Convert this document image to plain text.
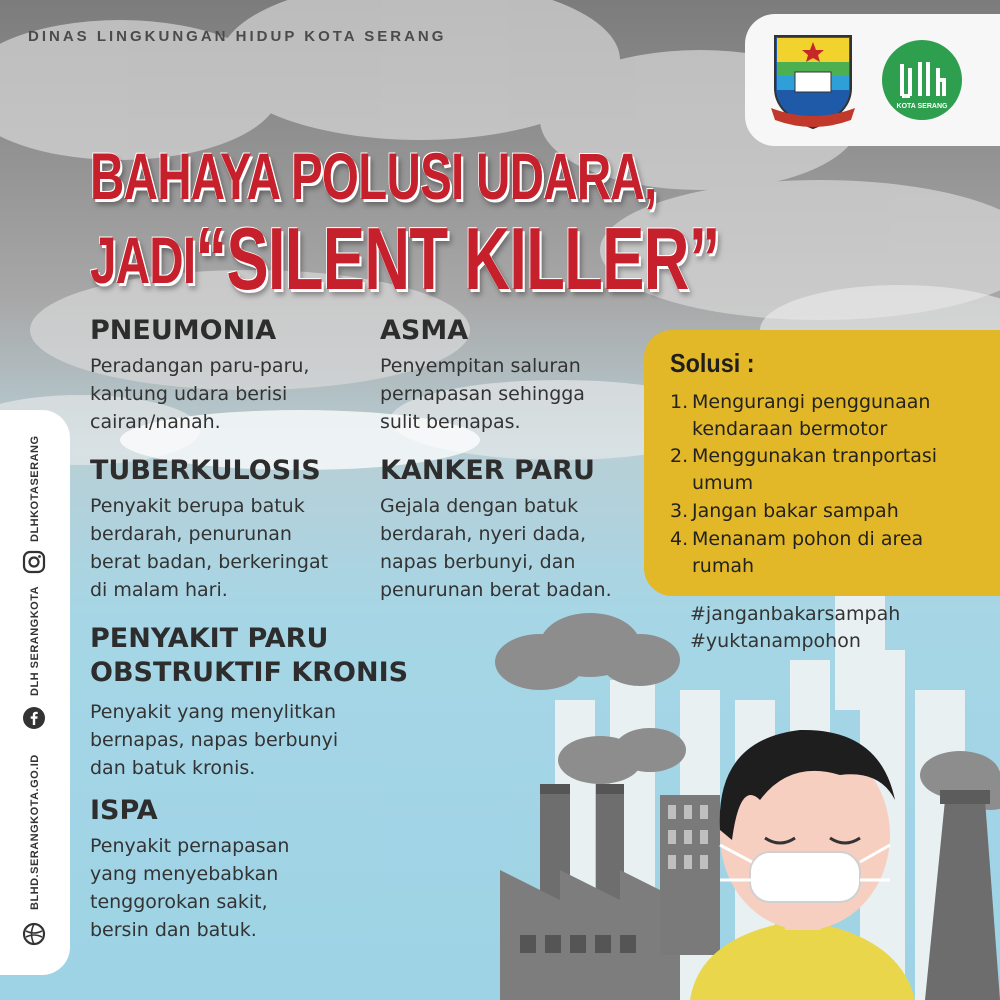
DINAS LINGKUNGAN HIDUP KOTA SERANG
KOTA SERANG
BAHAYA POLUSI UDARA,
JADI“SILENT KILLER”
PNEUMONIA
Peradangan paru-paru,
kantung udara berisi
cairan/nanah.
ASMA
Penyempitan saluran
pernapasan sehingga
sulit bernapas.
TUBERKULOSIS
Penyakit berupa batuk
berdarah, penurunan
berat badan, berkeringat
di malam hari.
KANKER PARU
Gejala dengan batuk
berdarah, nyeri dada,
napas berbunyi, dan
penurunan berat badan.
PENYAKIT PARU
OBSTRUKTIF KRONIS
Penyakit yang menylitkan
bernapas, napas berbunyi
dan batuk kronis.
ISPA
Penyakit pernapasan
yang menyebabkan
tenggorokan sakit,
bersin dan batuk.
Solusi :
1. Mengurangi penggunaan
kendaraan bermotor
2. Menggunakan tranportasi
umum
3. Jangan bakar sampah
4. Menanam pohon di area
rumah
#janganbakarsampah
#yuktanampohon
DLHKOTASERANG
DLH SERANGKOTA
BLHD.SERANGKOTA.GO.ID
